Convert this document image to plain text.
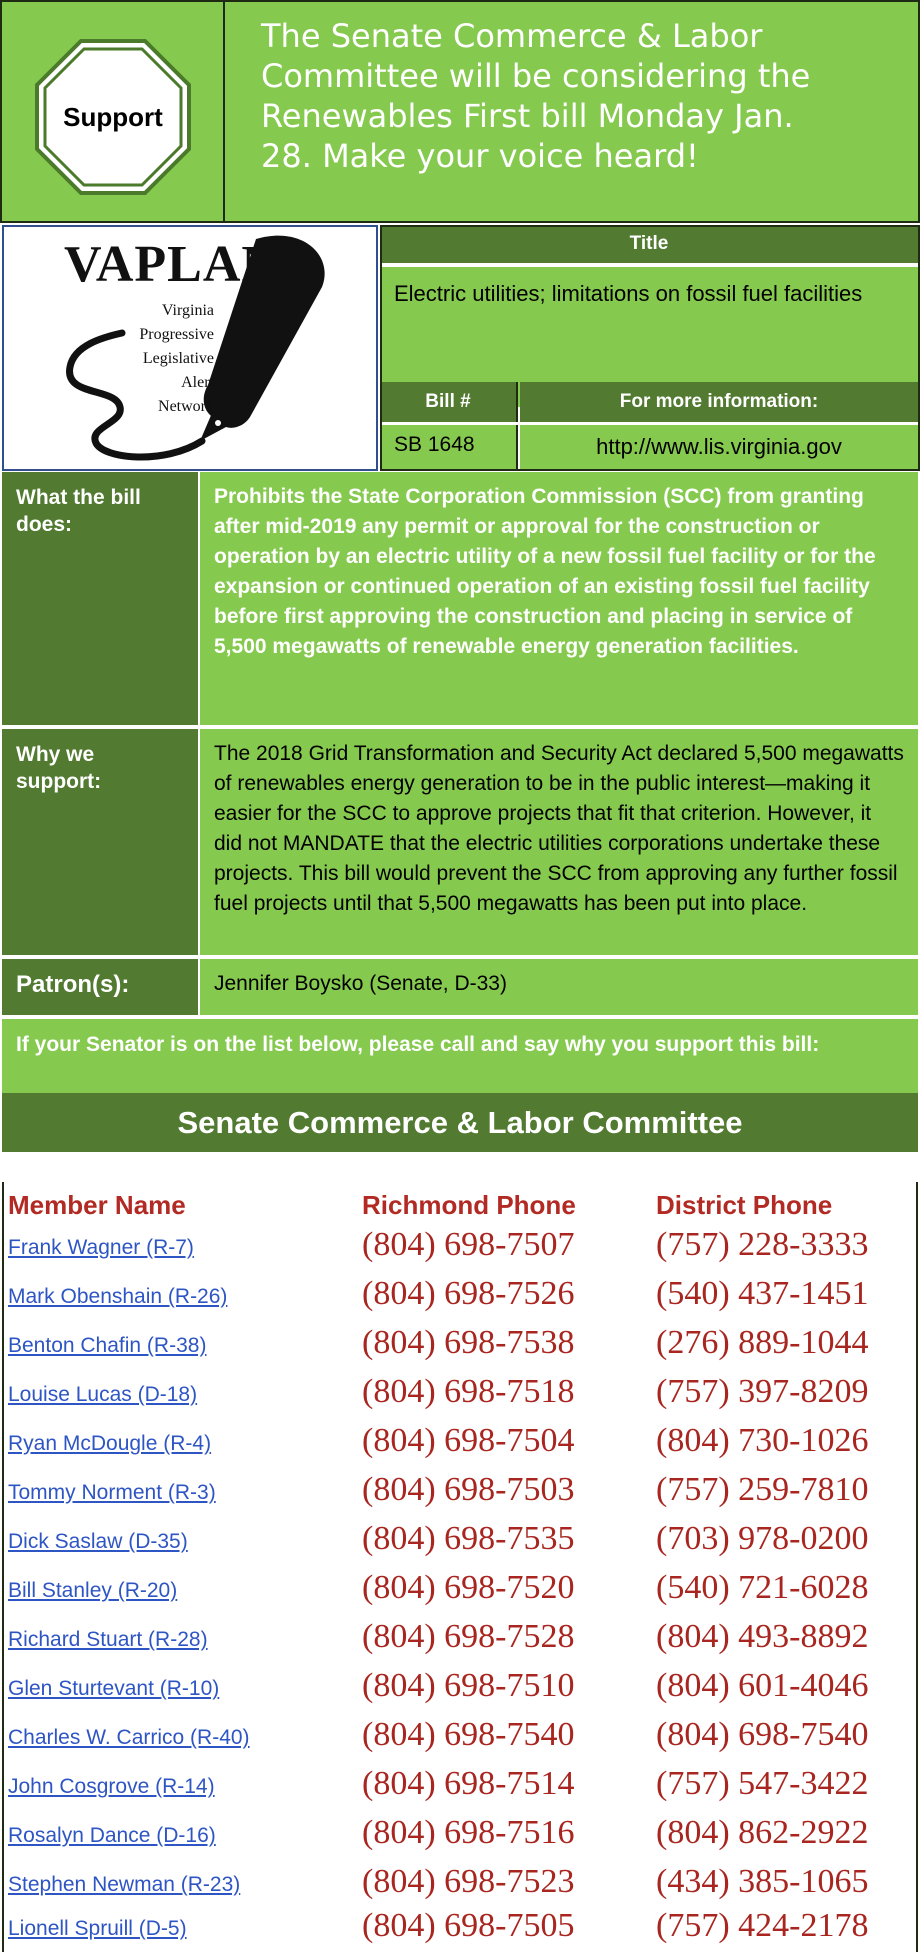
Support
The Senate Commerce & Labor
Committee will be considering the
Renewables First bill Monday Jan.
28. Make your voice heard!
VAPLAN
Virginia
Progressive
Legislative
Alert
Network
Title
Electric utilities; limitations on fossil fuel facilities
Bill #	For more information:
SB 1648	http://www.lis.virginia.gov
What the bill does:
Prohibits the State Corporation Commission (SCC) from granting after mid-2019 any permit or approval for the construction or operation by an electric utility of a new fossil fuel facility or for the expansion or continued operation of an existing fossil fuel facility before first approving the construction and placing in service of 5,500 megawatts of renewable energy generation facilities.
Why we support:
The 2018 Grid Transformation and Security Act declared 5,500 megawatts of renewables energy generation to be in the public interest—making it easier for the SCC to approve projects that fit that criterion. However, it did not MANDATE that the electric utilities corporations undertake these projects. This bill would prevent the SCC from approving any further fossil fuel projects until that 5,500 megawatts has been put into place.
Patron(s):	Jennifer Boysko (Senate, D-33)
If your Senator is on the list below, please call and say why you support this bill:
Senate Commerce & Labor Committee
Member Name	Richmond Phone	District Phone
Frank Wagner (R-7)	(804) 698-7507 (757) 228-3333
Mark Obenshain (R-26)	(804) 698-7526 (540) 437-1451
Benton Chafin (R-38)	(804) 698-7538 (276) 889-1044
Louise Lucas (D-18)	(804) 698-7518 (757) 397-8209
Ryan McDougle (R-4)	(804) 698-7504 (804) 730-1026
Tommy Norment (R-3)	(804) 698-7503 (757) 259-7810
Dick Saslaw (D-35)	(804) 698-7535 (703) 978-0200
Bill Stanley (R-20)	(804) 698-7520 (540) 721-6028
Richard Stuart (R-28)	(804) 698-7528 (804) 493-8892
Glen Sturtevant (R-10)	(804) 698-7510 (804) 601-4046
Charles W. Carrico (R-40)	(804) 698-7540 (804) 698-7540
John Cosgrove (R-14)	(804) 698-7514 (757) 547-3422
Rosalyn Dance (D-16)	(804) 698-7516 (804) 862-2922
Stephen Newman (R-23)	(804) 698-7523 (434) 385-1065
Lionell Spruill (D-5)	(804) 698-7505 (757) 424-2178
